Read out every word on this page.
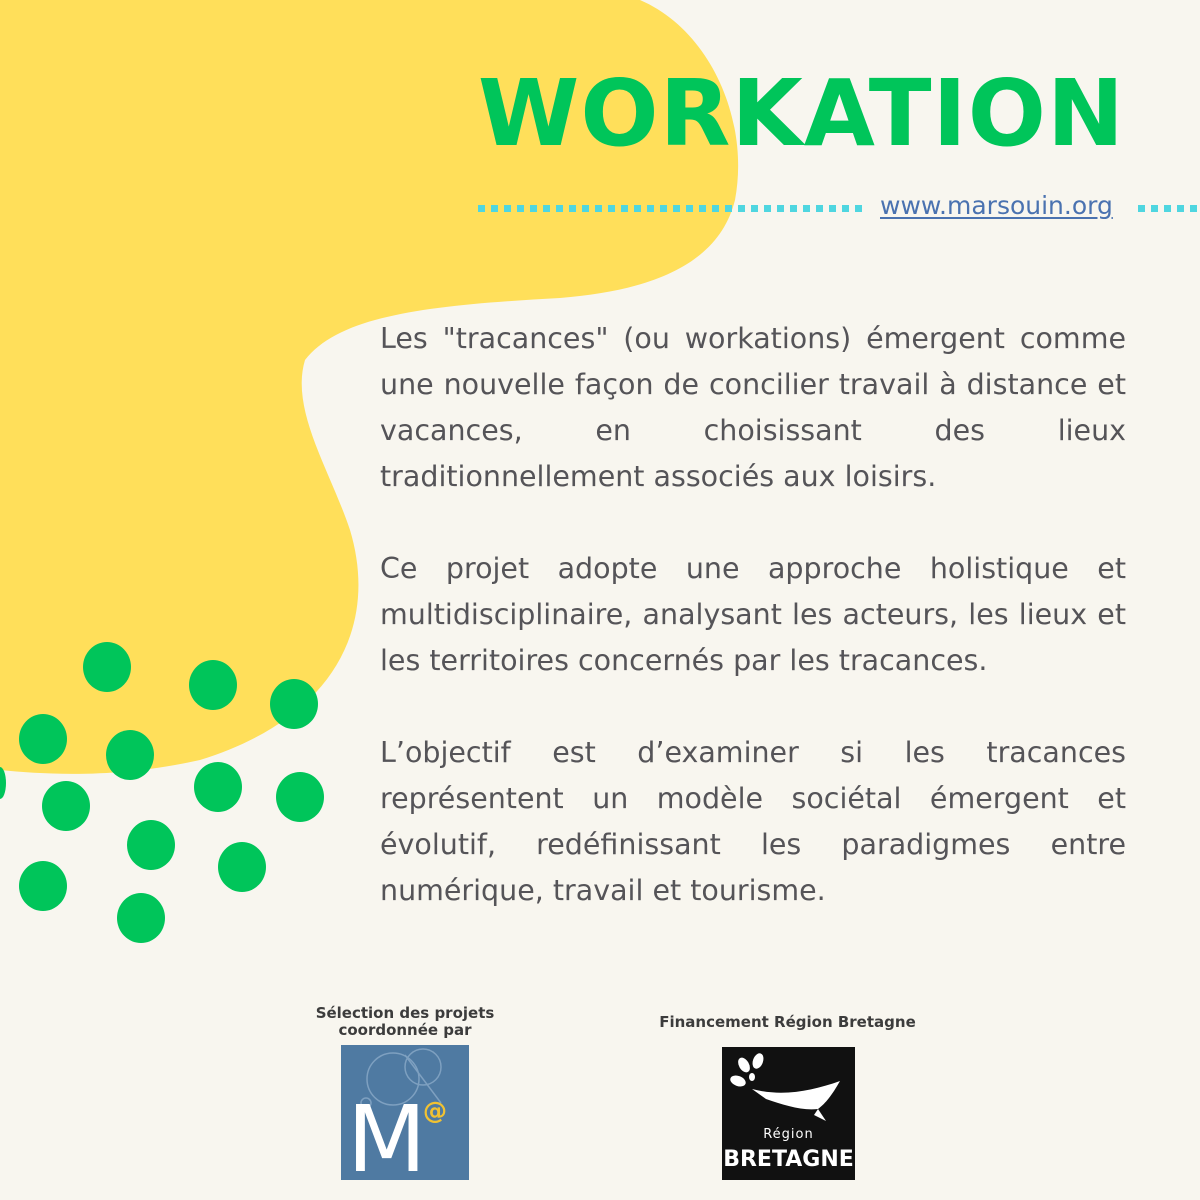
WORKATION
www.marsouin.org

Les "tracances" (ou workations) émergent comme une nouvelle façon de concilier travail à distance et vacances, en choisissant des lieux traditionnellement associés aux loisirs.

Ce projet adopte une approche holistique et multidisciplinaire, analysant les acteurs, les lieux et les territoires concernés par les tracances.

L’objectif est d’examiner si les tracances représentent un modèle sociétal émergent et évolutif, redéfinissant les paradigmes entre numérique, travail et tourisme.

Sélection des projets
coordonnée par	Financement Région Bretagne
M
@
Région
BRETAGNE
